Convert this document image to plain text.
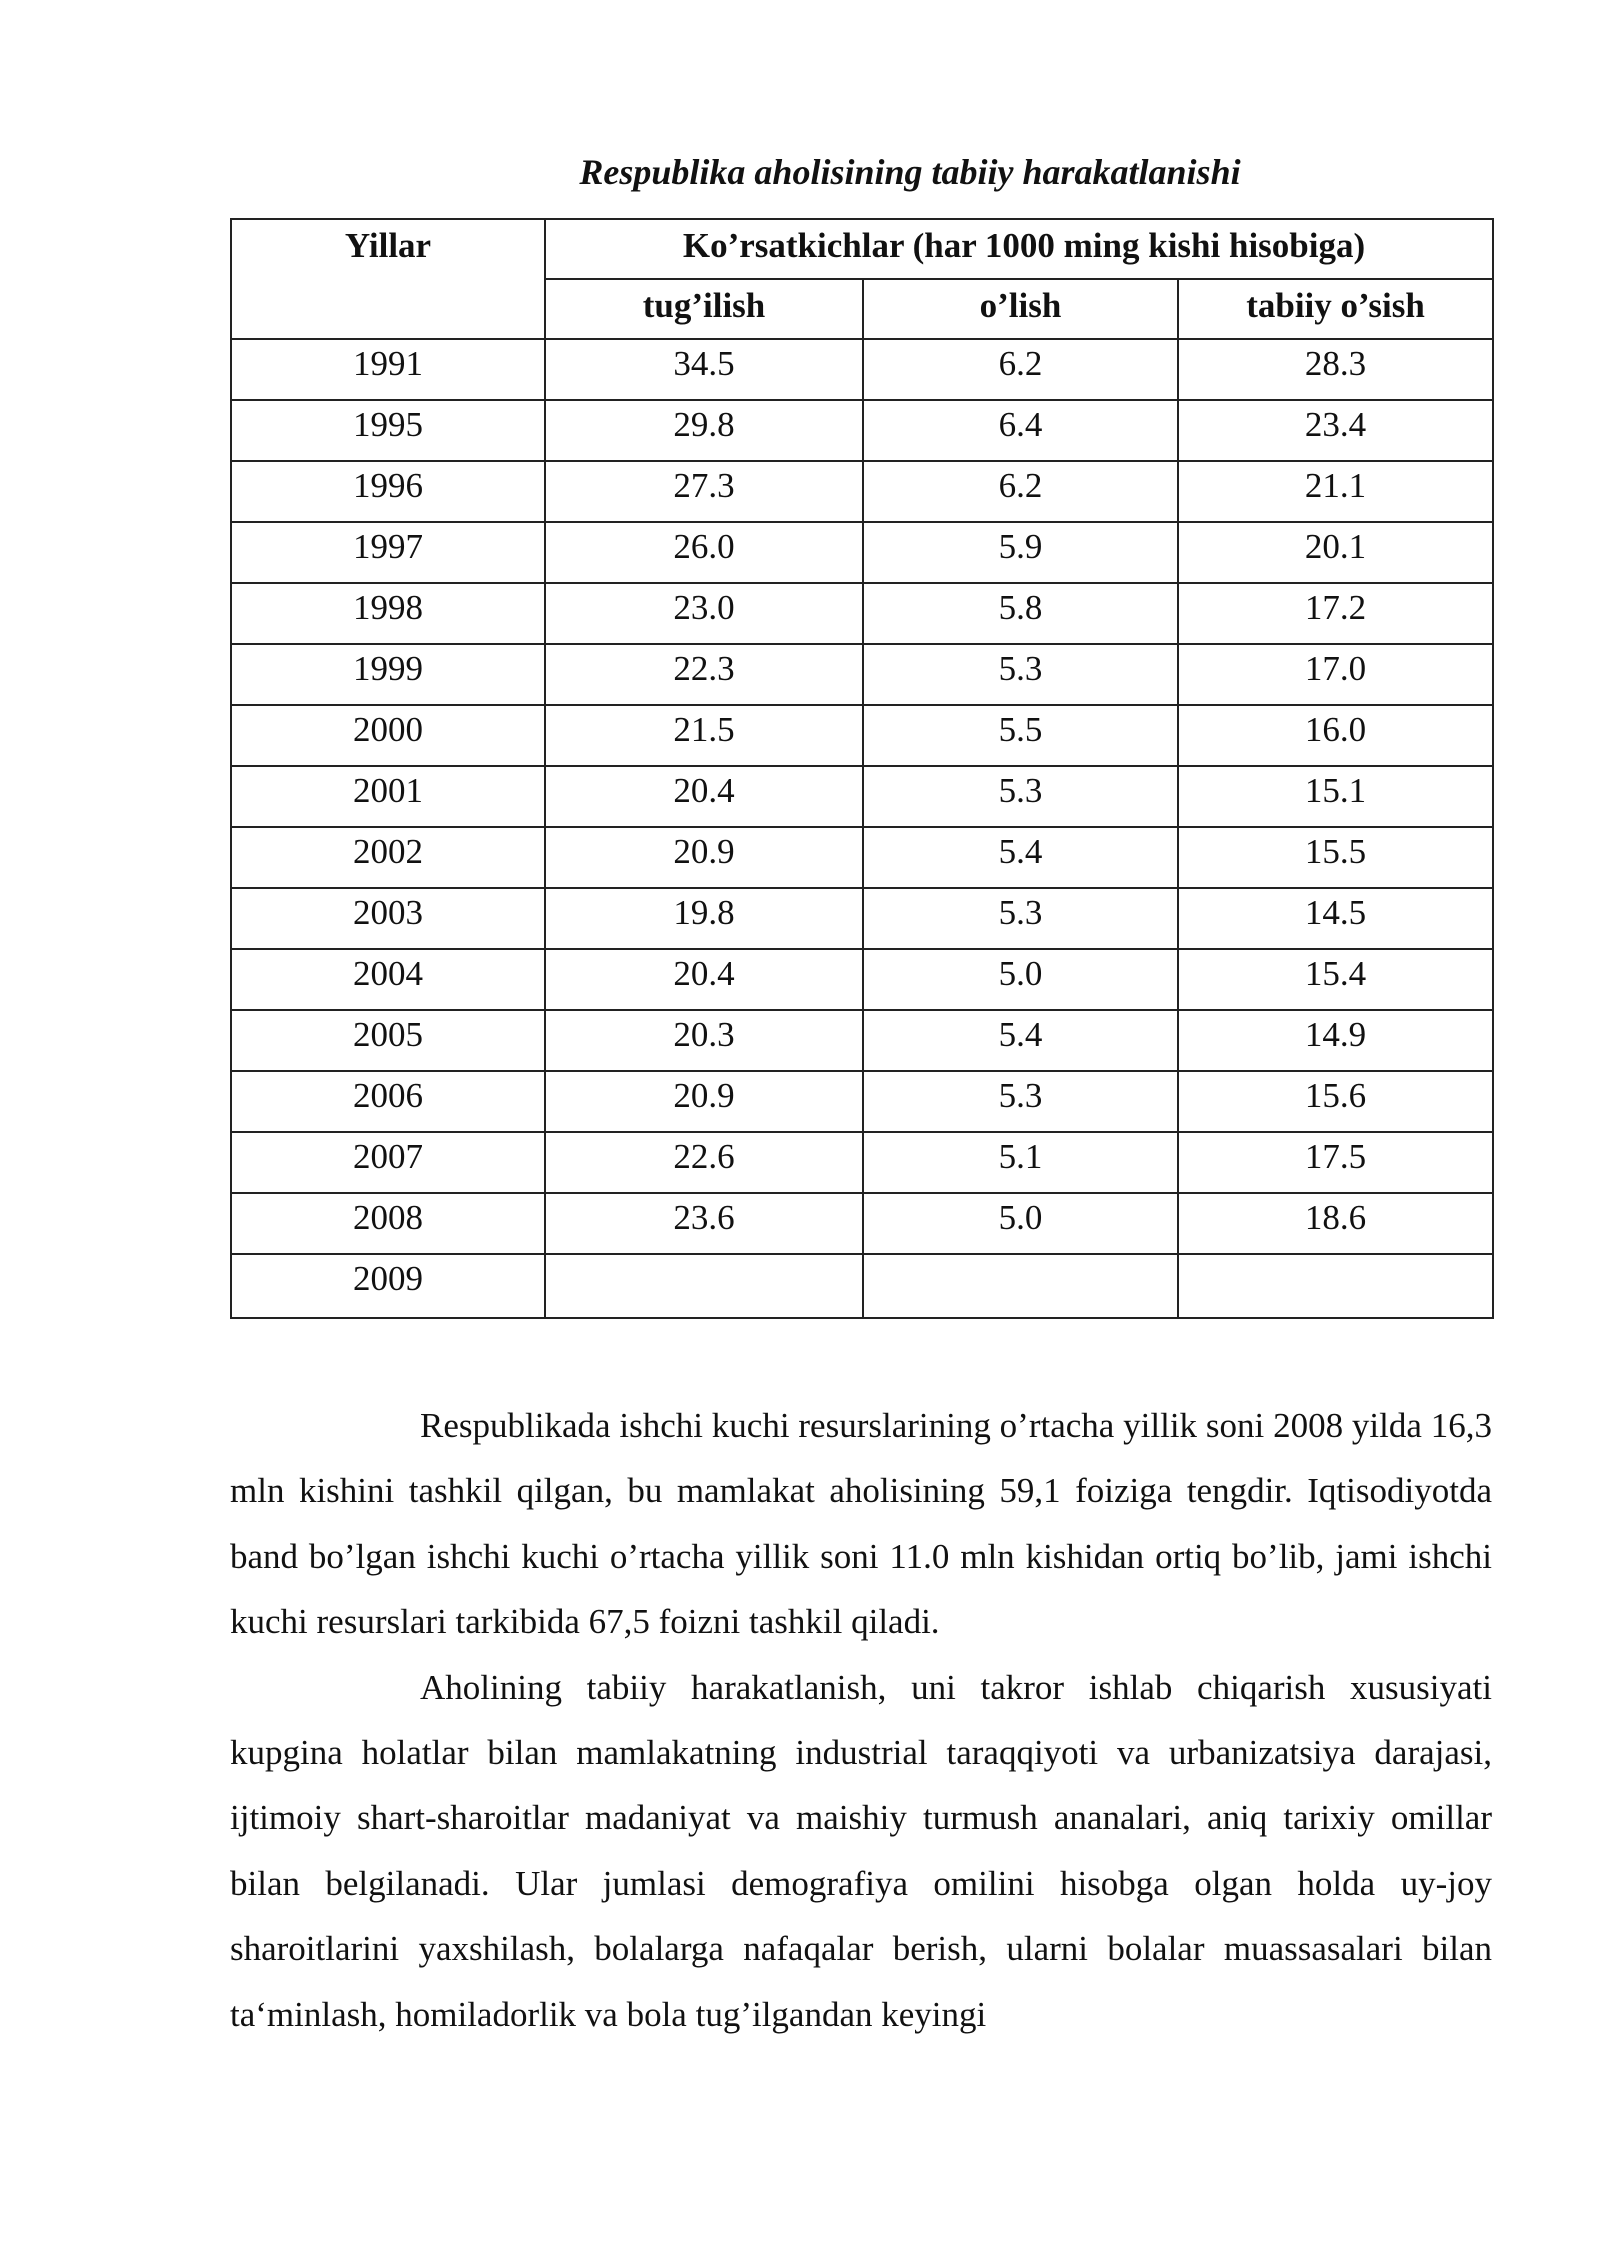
Respublika aholisining tabiiy harakatlanishi
Yillar	Ko’rsatkichlar (har 1000 ming kishi hisobiga)		
	tug’ilish	o’lish	tabiiy o’sish
1991	34.5	6.2	28.3
1995	29.8	6.4	23.4
1996	27.3	6.2	21.1
1997	26.0	5.9	20.1
1998	23.0	5.8	17.2
1999	22.3	5.3	17.0
2000	21.5	5.5	16.0
2001	20.4	5.3	15.1
2002	20.9	5.4	15.5
2003	19.8	5.3	14.5
2004	20.4	5.0	15.4
2005	20.3	5.4	14.9
2006	20.9	5.3	15.6
2007	22.6	5.1	17.5
2008	23.6	5.0	18.6
2009			

Respublikada ishchi kuchi resurslarining o’rtacha yillik soni 2008 yilda 16,3 mln kishini tashkil qilgan, bu mamlakat aholisining 59,1 foiziga tengdir. Iqtisodiyotda band bo’lgan ishchi kuchi o’rtacha yillik soni 11.0 mln kishidan ortiq bo’lib, jami ishchi kuchi resurslari tarkibida 67,5 foizni tashkil qiladi.

Aholining tabiiy harakatlanish, uni takror ishlab chiqarish xususiyati kupgina holatlar bilan mamlakatning industrial taraqqiyoti va urbanizatsiya darajasi, ijtimoiy shart-sharoitlar madaniyat va maishiy turmush ananalari, aniq tarixiy omillar bilan belgilanadi. Ular jumlasi demografiya omilini hisobga olgan holda uy-joy sharoitlarini yaxshilash, bolalarga nafaqalar berish, ularni bolalar muassasalari bilan ta‘minlash, homiladorlik va bola tug’ilgandan keyingi
